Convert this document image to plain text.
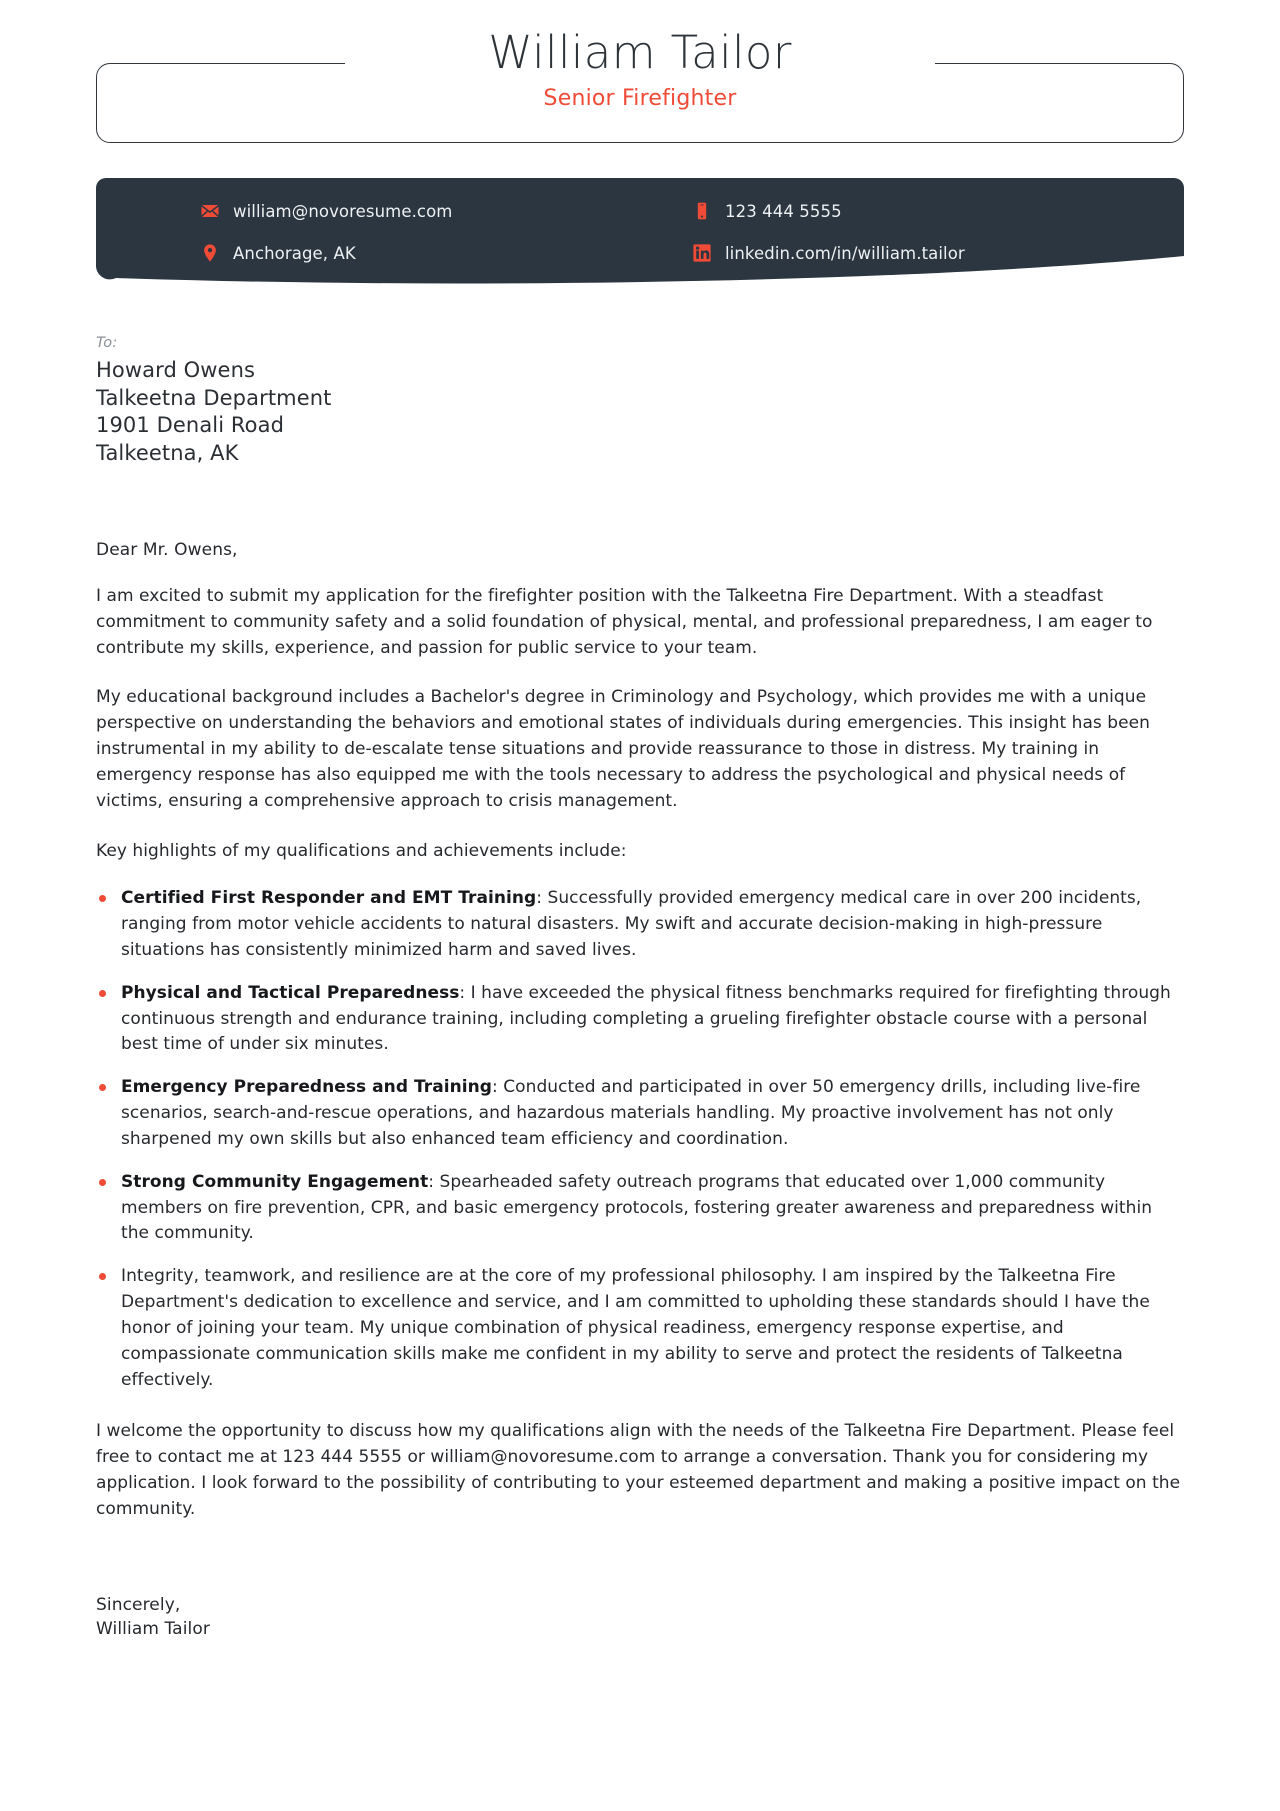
William Tailor
Senior Firefighter
william@novoresume.com	123 444 5555
Anchorage, AK	linkedin.com/in/william.tailor
To:
Howard Owens
Talkeetna Department
1901 Denali Road
Talkeetna, AK
Dear Mr. Owens,

I am excited to submit my application for the firefighter position with the Talkeetna Fire Department. With a steadfast commitment to community safety and a solid foundation of physical, mental, and professional preparedness, I am eager to contribute my skills, experience, and passion for public service to your team.

My educational background includes a Bachelor's degree in Criminology and Psychology, which provides me with a unique perspective on understanding the behaviors and emotional states of individuals during emergencies. This insight has been instrumental in my ability to de-escalate tense situations and provide reassurance to those in distress. My training in emergency response has also equipped me with the tools necessary to address the psychological and physical needs of victims, ensuring a comprehensive approach to crisis management.

Key highlights of my qualifications and achievements include:

Certified First Responder and EMT Training: Successfully provided emergency medical care in over 200 incidents, ranging from motor vehicle accidents to natural disasters. My swift and accurate decision-making in high-pressure situations has consistently minimized harm and saved lives.
Physical and Tactical Preparedness: I have exceeded the physical fitness benchmarks required for firefighting through continuous strength and endurance training, including completing a grueling firefighter obstacle course with a personal best time of under six minutes.
Emergency Preparedness and Training: Conducted and participated in over 50 emergency drills, including live-fire scenarios, search-and-rescue operations, and hazardous materials handling. My proactive involvement has not only sharpened my own skills but also enhanced team efficiency and coordination.
Strong Community Engagement: Spearheaded safety outreach programs that educated over 1,000 community members on fire prevention, CPR, and basic emergency protocols, fostering greater awareness and preparedness within the community.
Integrity, teamwork, and resilience are at the core of my professional philosophy. I am inspired by the Talkeetna Fire Department's dedication to excellence and service, and I am committed to upholding these standards should I have the honor of joining your team. My unique combination of physical readiness, emergency response expertise, and compassionate communication skills make me confident in my ability to serve and protect the residents of Talkeetna effectively.

I welcome the opportunity to discuss how my qualifications align with the needs of the Talkeetna Fire Department. Please feel free to contact me at 123 444 5555 or william@novoresume.com to arrange a conversation. Thank you for considering my application. I look forward to the possibility of contributing to your esteemed department and making a positive impact on the community.

Sincerely,
William Tailor
